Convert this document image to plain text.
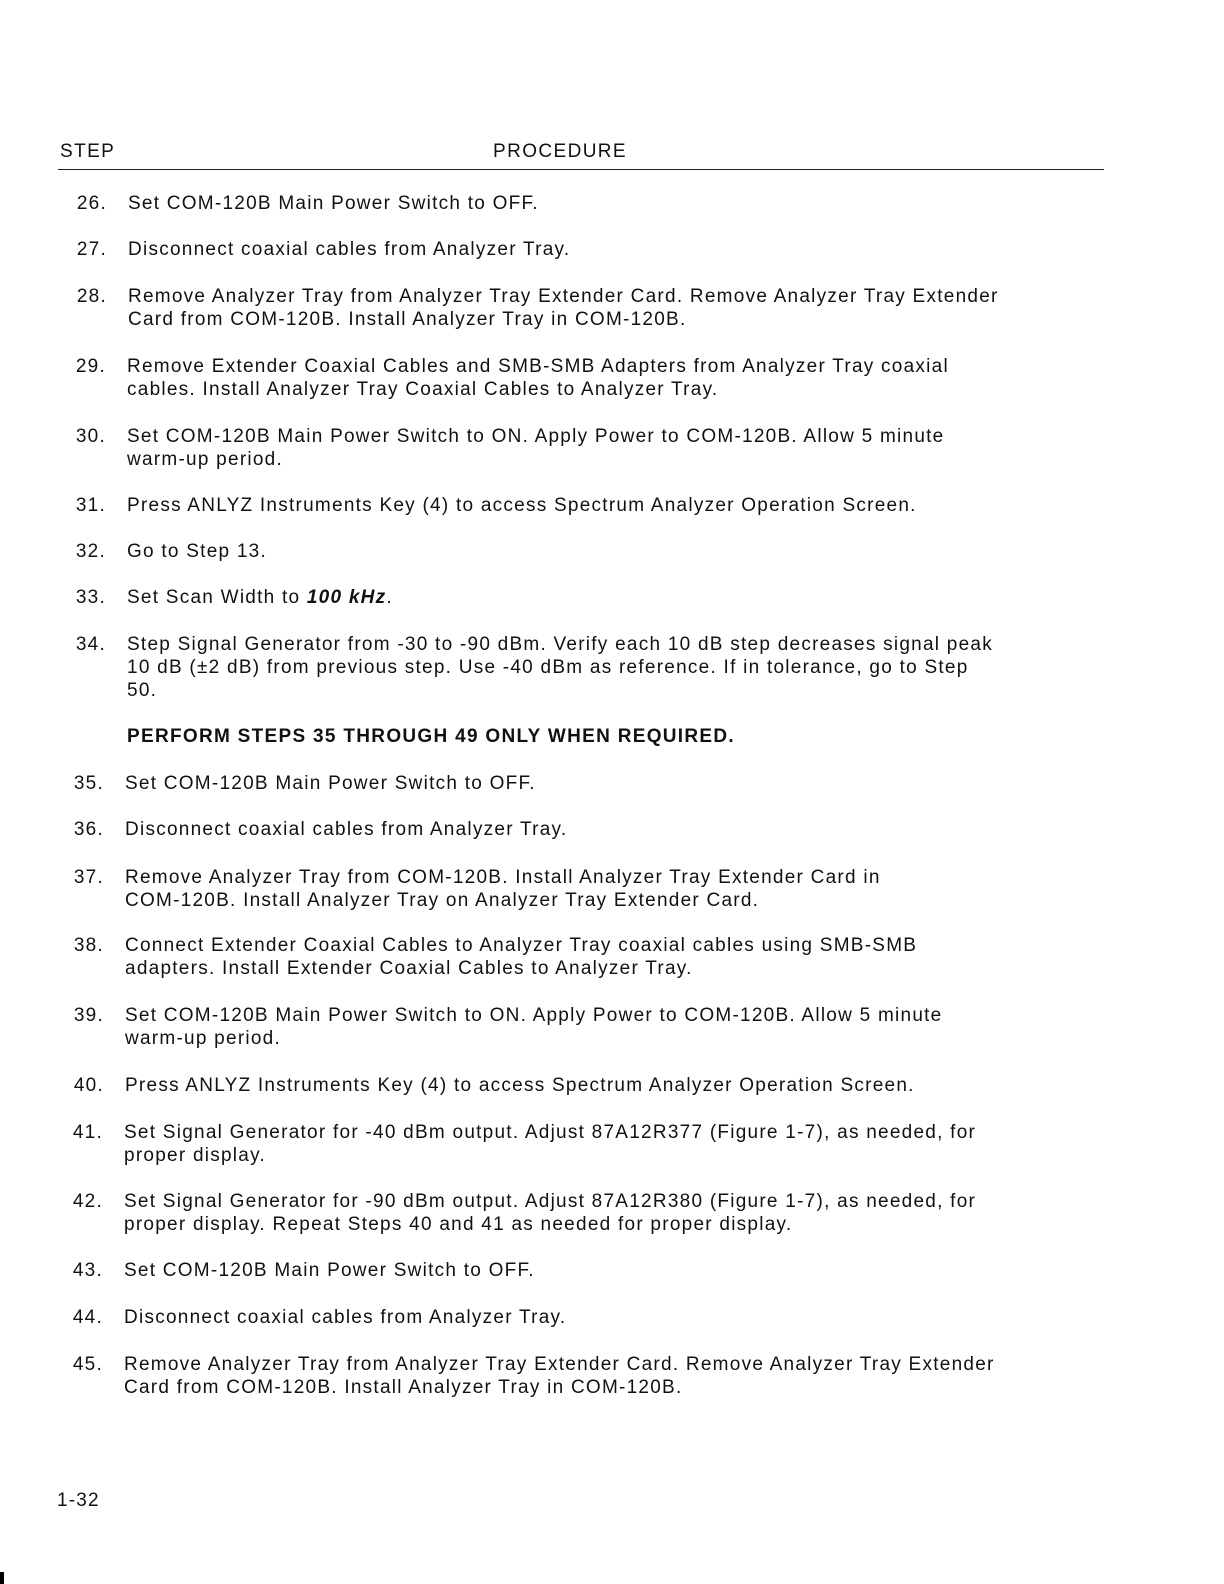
STEP	PROCEDURE
26. Set COM-120B Main Power Switch to OFF.
27. Disconnect coaxial cables from Analyzer Tray.
28. Remove Analyzer Tray from Analyzer Tray Extender Card. Remove Analyzer Tray Extender
Card from COM-120B. Install Analyzer Tray in COM-120B.
29. Remove Extender Coaxial Cables and SMB-SMB Adapters from Analyzer Tray coaxial
cables. Install Analyzer Tray Coaxial Cables to Analyzer Tray.
30. Set COM-120B Main Power Switch to ON. Apply Power to COM-120B. Allow 5 minute
warm-up period.
31. Press ANLYZ Instruments Key (4) to access Spectrum Analyzer Operation Screen.
32. Go to Step 13.
33. Set Scan Width to 100 kHz.
34. Step Signal Generator from -30 to -90 dBm. Verify each 10 dB step decreases signal peak
10 dB (±2 dB) from previous step. Use -40 dBm as reference. If in tolerance, go to Step
50.
PERFORM STEPS 35 THROUGH 49 ONLY WHEN REQUIRED.
35. Set COM-120B Main Power Switch to OFF.
36. Disconnect coaxial cables from Analyzer Tray.
37. Remove Analyzer Tray from COM-120B. Install Analyzer Tray Extender Card in
COM-120B. Install Analyzer Tray on Analyzer Tray Extender Card.
38. Connect Extender Coaxial Cables to Analyzer Tray coaxial cables using SMB-SMB
adapters. Install Extender Coaxial Cables to Analyzer Tray.
39. Set COM-120B Main Power Switch to ON. Apply Power to COM-120B. Allow 5 minute
warm-up period.
40. Press ANLYZ Instruments Key (4) to access Spectrum Analyzer Operation Screen.
41. Set Signal Generator for -40 dBm output. Adjust 87A12R377 (Figure 1-7), as needed, for
proper display.
42. Set Signal Generator for -90 dBm output. Adjust 87A12R380 (Figure 1-7), as needed, for
proper display. Repeat Steps 40 and 41 as needed for proper display.
43. Set COM-120B Main Power Switch to OFF.
44. Disconnect coaxial cables from Analyzer Tray.
45. Remove Analyzer Tray from Analyzer Tray Extender Card. Remove Analyzer Tray Extender
Card from COM-120B. Install Analyzer Tray in COM-120B.
1-32
